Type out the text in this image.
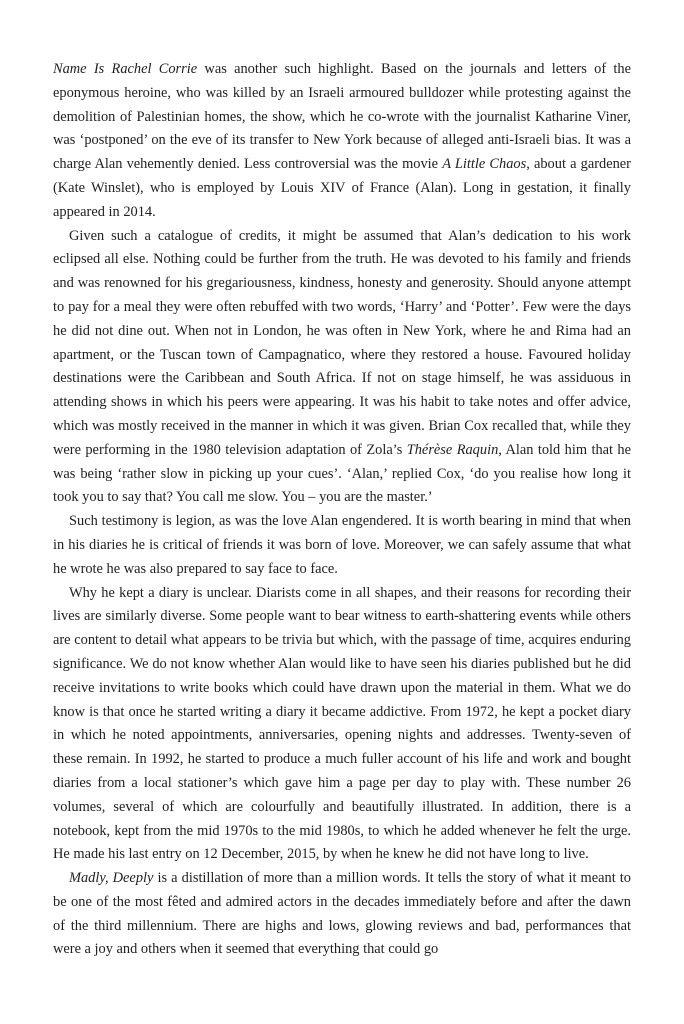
Name Is Rachel Corrie was another such highlight. Based on the journals and letters of the eponymous heroine, who was killed by an Israeli armoured bulldozer while protesting against the demolition of Palestinian homes, the show, which he co-wrote with the journalist Katharine Viner, was ‘postponed’ on the eve of its transfer to New York because of alleged anti-Israeli bias. It was a charge Alan vehemently denied. Less controversial was the movie A Little Chaos, about a gardener (Kate Winslet), who is employed by Louis XIV of France (Alan). Long in gestation, it finally appeared in 2014.

Given such a catalogue of credits, it might be assumed that Alan’s dedication to his work eclipsed all else. Nothing could be further from the truth. He was devoted to his family and friends and was renowned for his gregariousness, kindness, honesty and generosity. Should anyone attempt to pay for a meal they were often rebuffed with two words, ‘Harry’ and ‘Potter’. Few were the days he did not dine out. When not in London, he was often in New York, where he and Rima had an apartment, or the Tuscan town of Campagnatico, where they restored a house. Favoured holiday destinations were the Caribbean and South Africa. If not on stage himself, he was assiduous in attending shows in which his peers were appearing. It was his habit to take notes and offer advice, which was mostly received in the manner in which it was given. Brian Cox recalled that, while they were performing in the 1980 television adaptation of Zola’s Thérèse Raquin, Alan told him that he was being ‘rather slow in picking up your cues’. ‘Alan,’ replied Cox, ‘do you realise how long it took you to say that? You call me slow. You – you are the master.’

Such testimony is legion, as was the love Alan engendered. It is worth bearing in mind that when in his diaries he is critical of friends it was born of love. Moreover, we can safely assume that what he wrote he was also prepared to say face to face.

Why he kept a diary is unclear. Diarists come in all shapes, and their reasons for recording their lives are similarly diverse. Some people want to bear witness to earth-shattering events while others are content to detail what appears to be trivia but which, with the passage of time, acquires enduring significance. We do not know whether Alan would like to have seen his diaries published but he did receive invitations to write books which could have drawn upon the material in them. What we do know is that once he started writing a diary it became addictive. From 1972, he kept a pocket diary in which he noted appointments, anniversaries, opening nights and addresses. Twenty-seven of these remain. In 1992, he started to produce a much fuller account of his life and work and bought diaries from a local stationer’s which gave him a page per day to play with. These number 26 volumes, several of which are colourfully and beautifully illustrated. In addition, there is a notebook, kept from the mid 1970s to the mid 1980s, to which he added whenever he felt the urge. He made his last entry on 12 December, 2015, by when he knew he did not have long to live.

Madly, Deeply is a distillation of more than a million words. It tells the story of what it meant to be one of the most fêted and admired actors in the decades immediately before and after the dawn of the third millennium. There are highs and lows, glowing reviews and bad, performances that were a joy and others when it seemed that everything that could go
